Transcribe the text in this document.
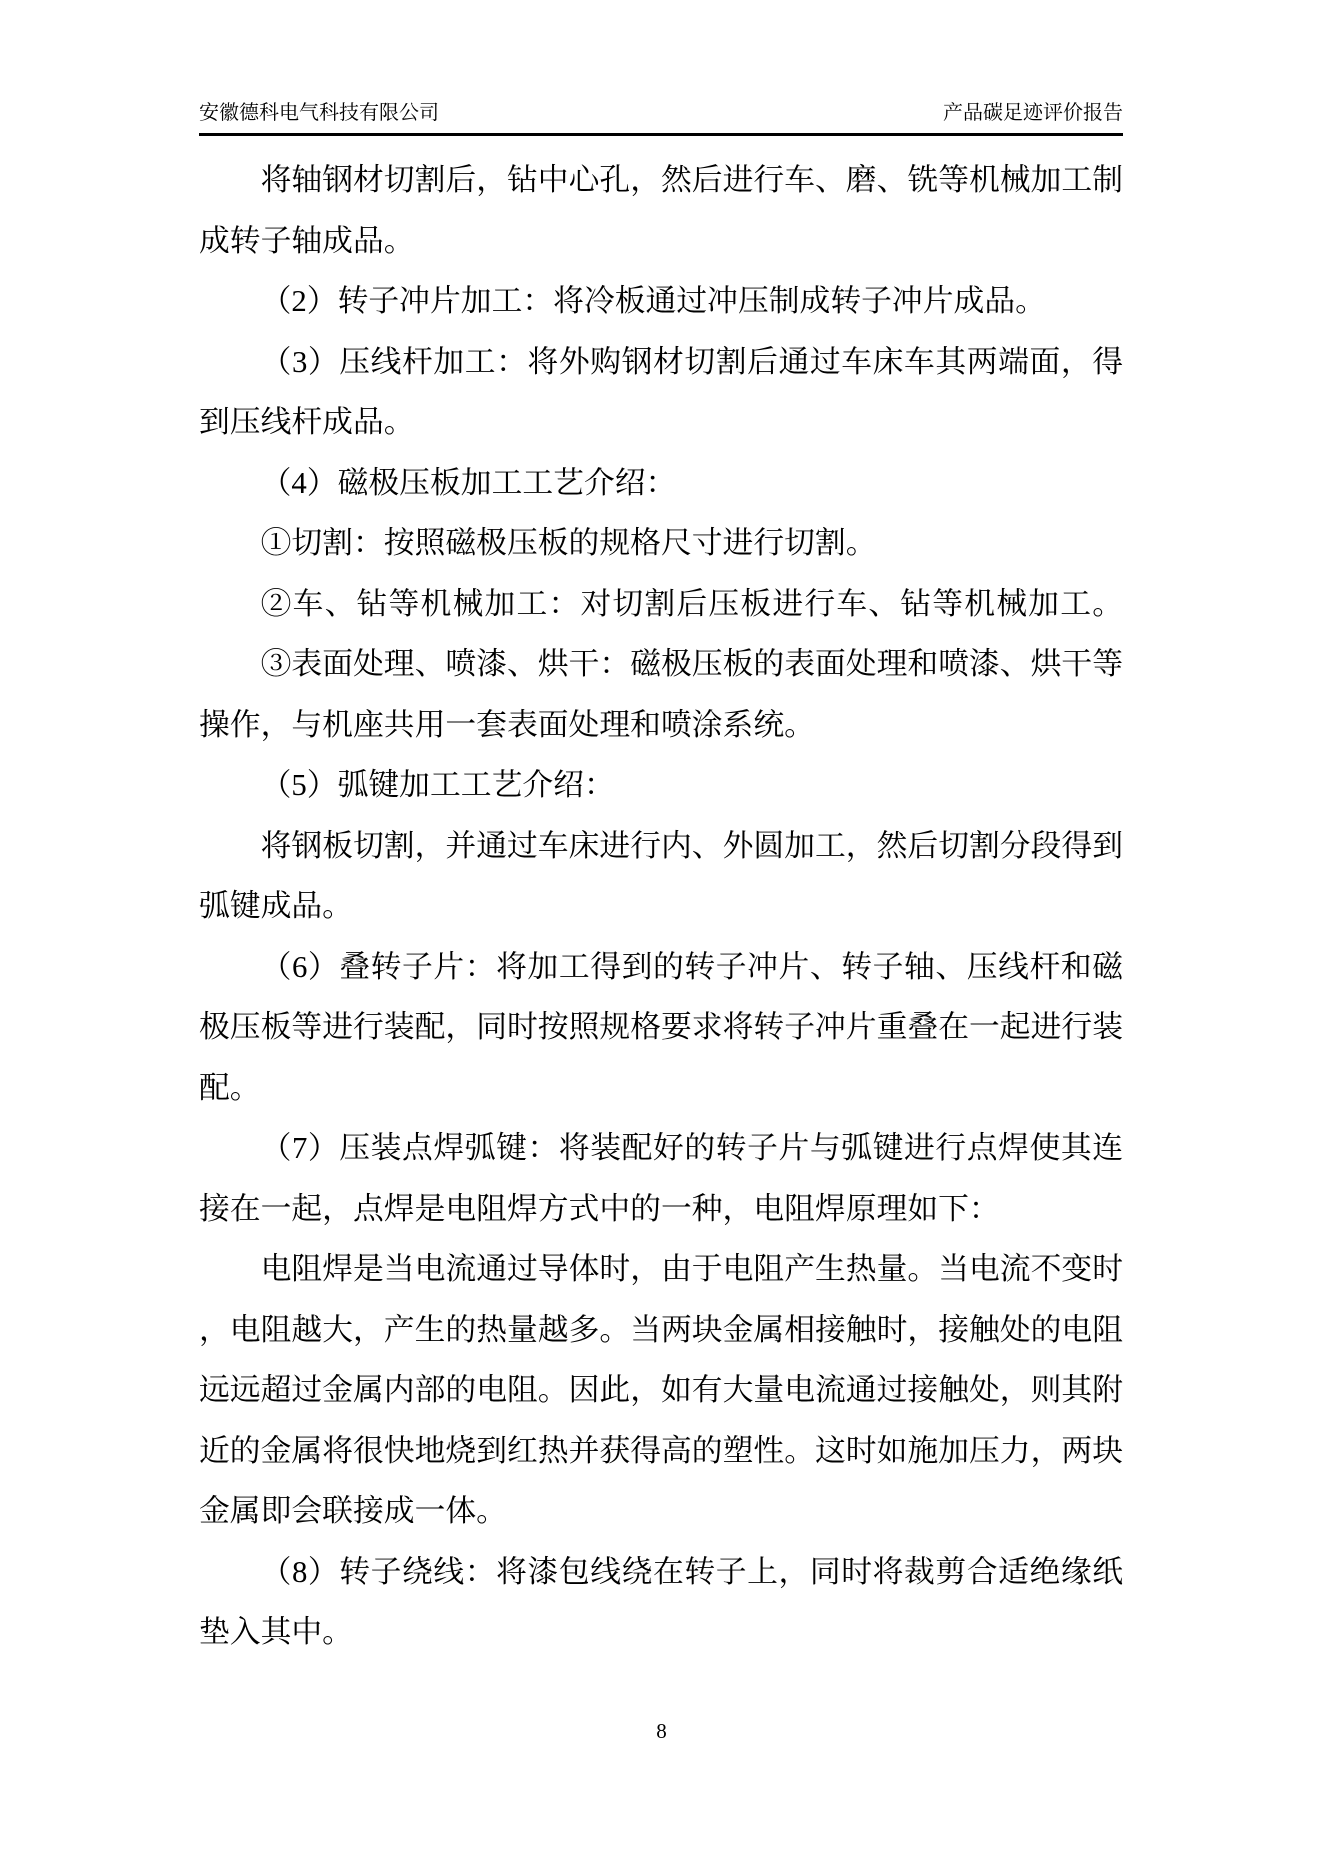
安徽德科电气科技有限公司	产品碳足迹评价报告
将轴钢材切割后，钻中心孔，然后进行车、磨、铣等机械加工制
成转子轴成品。
（2）转子冲片加工：将冷板通过冲压制成转子冲片成品。
（3）压线杆加工：将外购钢材切割后通过车床车其两端面，得
到压线杆成品。
（4）磁极压板加工工艺介绍：
①切割：按照磁极压板的规格尺寸进行切割。
②车、钻等机械加工：对切割后压板进行车、钻等机械加工。
③表面处理、喷漆、烘干：磁极压板的表面处理和喷漆、烘干等
操作，与机座共用一套表面处理和喷涂系统。
（5）弧键加工工艺介绍：
将钢板切割，并通过车床进行内、外圆加工，然后切割分段得到
弧键成品。
（6）叠转子片：将加工得到的转子冲片、转子轴、压线杆和磁
极压板等进行装配，同时按照规格要求将转子冲片重叠在一起进行装
配。
（7）压装点焊弧键：将装配好的转子片与弧键进行点焊使其连
接在一起，点焊是电阻焊方式中的一种，电阻焊原理如下：
电阻焊是当电流通过导体时，由于电阻产生热量。当电流不变时
，电阻越大，产生的热量越多。当两块金属相接触时，接触处的电阻
远远超过金属内部的电阻。因此，如有大量电流通过接触处，则其附
近的金属将很快地烧到红热并获得高的塑性。这时如施加压力，两块
金属即会联接成一体。
（8）转子绕线：将漆包线绕在转子上，同时将裁剪合适绝缘纸
垫入其中。
8
